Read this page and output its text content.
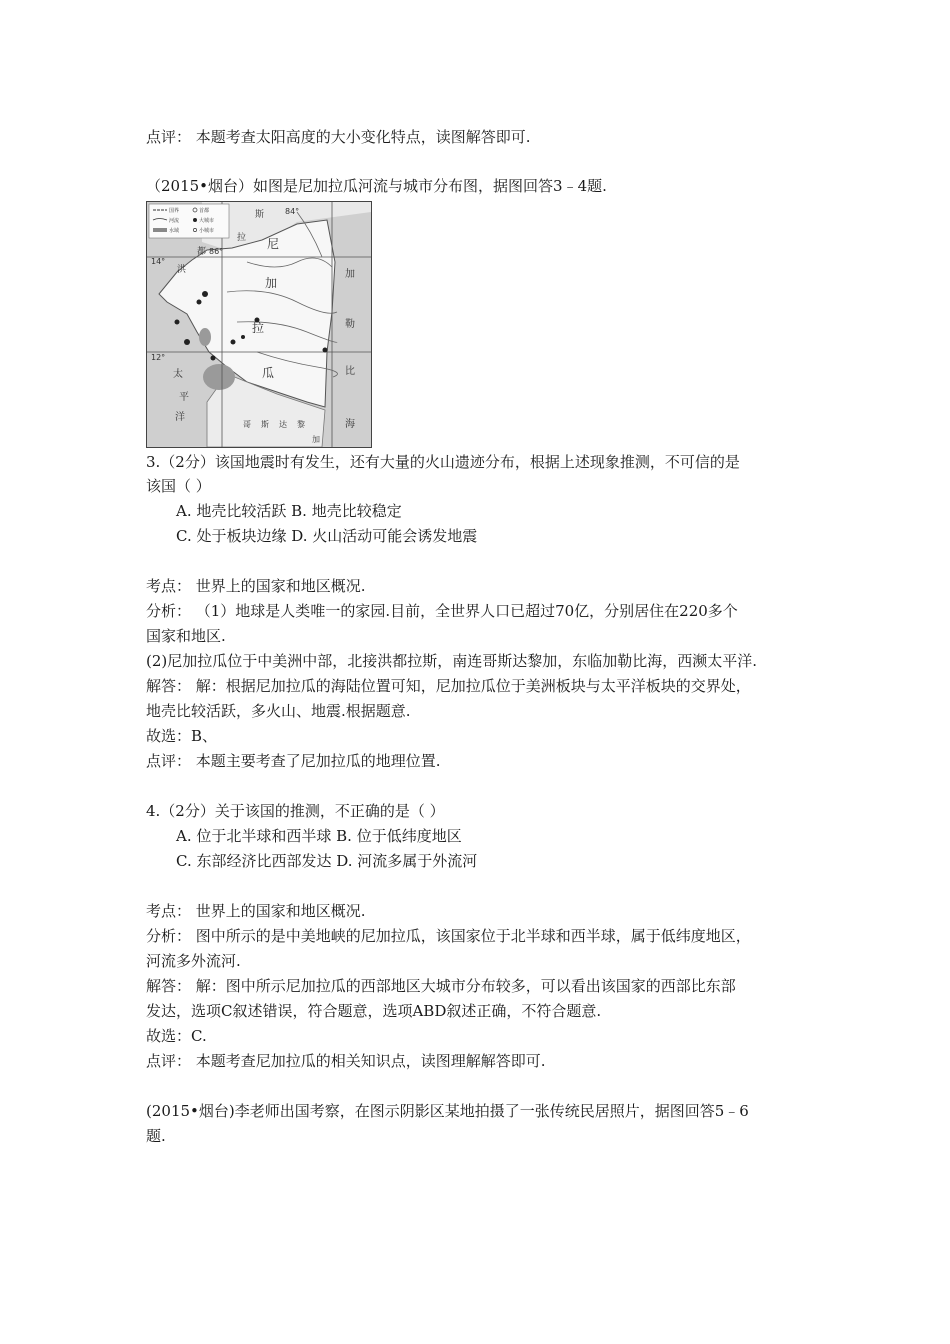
点评： 本题考查太阳高度的大小变化特点，读图解答即可.
（2015•烟台）如图是尼加拉瓜河流与城市分布图，据图回答3﹣4题.
国界	首都
河流	大城市
水域	小城市
84°
86°
14°
12°
斯
拉
都
洪
尼
加
拉
瓜
加
勒
比
海
太
平
洋
哥 斯 达 黎
加
3.（2分）该国地震时有发生，还有大量的火山遗迹分布，根据上述现象推测，不可信的是
该国（ ）
A. 地壳比较活跃 B. 地壳比较稳定
C. 处于板块边缘 D. 火山活动可能会诱发地震
考点： 世界上的国家和地区概况.
分析： （1）地球是人类唯一的家园.目前，全世界人口已超过70亿，分别居住在220多个
国家和地区.
(2)尼加拉瓜位于中美洲中部，北接洪都拉斯，南连哥斯达黎加，东临加勒比海，西濒太平洋.
解答： 解：根据尼加拉瓜的海陆位置可知，尼加拉瓜位于美洲板块与太平洋板块的交界处，
地壳比较活跃，多火山、地震.根据题意.
故选：B、
点评： 本题主要考查了尼加拉瓜的地理位置.
4.（2分）关于该国的推测，不正确的是（ ）
A. 位于北半球和西半球 B. 位于低纬度地区
C. 东部经济比西部发达 D. 河流多属于外流河
考点： 世界上的国家和地区概况.
分析： 图中所示的是中美地峡的尼加拉瓜，该国家位于北半球和西半球，属于低纬度地区，
河流多外流河.
解答： 解：图中所示尼加拉瓜的西部地区大城市分布较多，可以看出该国家的西部比东部
发达，选项C叙述错误，符合题意，选项ABD叙述正确，不符合题意.
故选：C.
点评： 本题考查尼加拉瓜的相关知识点，读图理解解答即可.
(2015•烟台)李老师出国考察，在图示阴影区某地拍摄了一张传统民居照片，据图回答5﹣6
题.
